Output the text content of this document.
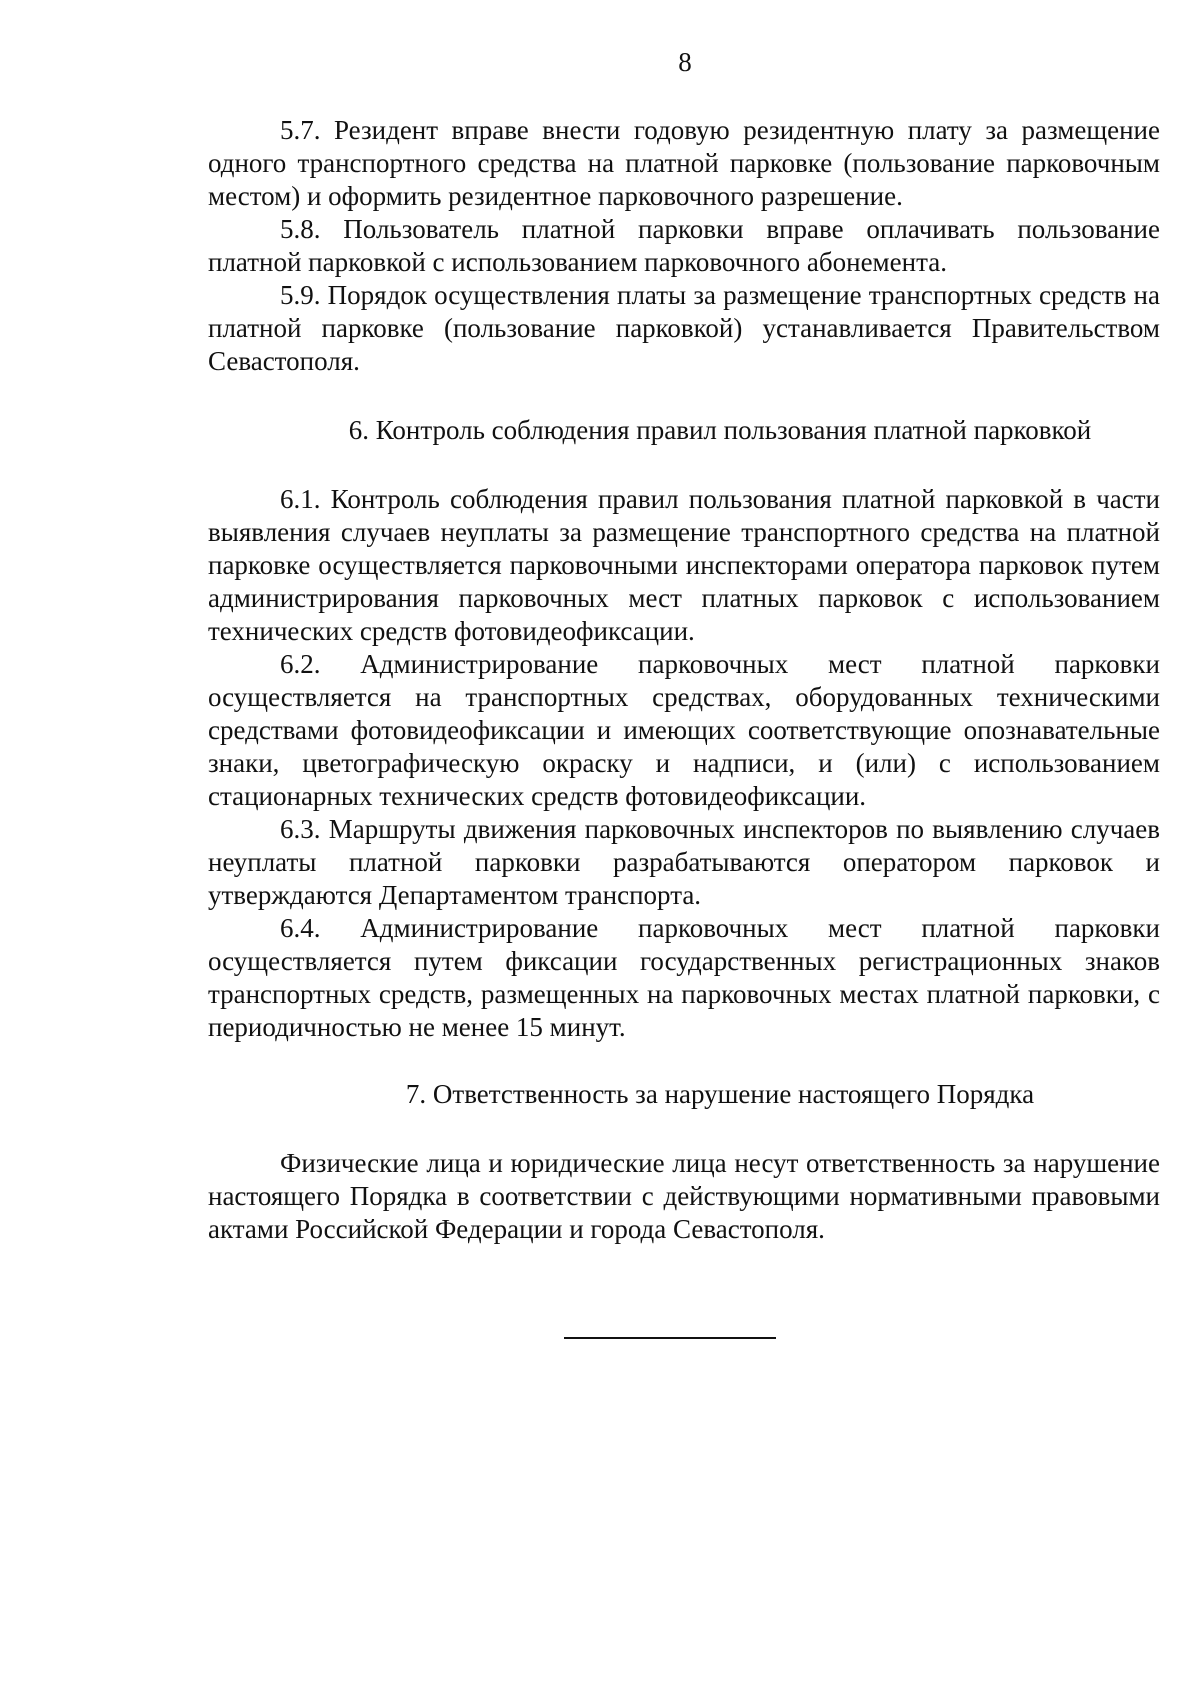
8

5.7. Резидент вправе внести годовую резидентную плату за размещение одного транспортного средства на платной парковке (пользование парковочным местом) и оформить резидентное парковочного разрешение.

5.8. Пользователь платной парковки вправе оплачивать пользование платной парковкой с использованием парковочного абонемента.

5.9. Порядок осуществления платы за размещение транспортных средств на платной парковке (пользование парковкой) устанавливается Правительством Севастополя.

6. Контроль соблюдения правил пользования платной парковкой

6.1. Контроль соблюдения правил пользования платной парковкой в части выявления случаев неуплаты за размещение транспортного средства на платной парковке осуществляется парковочными инспекторами оператора парковок путем администрирования парковочных мест платных парковок с использованием технических средств фотовидеофиксации.

6.2. Администрирование парковочных мест платной парковки осуществляется на транспортных средствах, оборудованных техническими средствами фотовидеофиксации и имеющих соответствующие опознавательные знаки, цветографическую окраску и надписи, и (или) с использованием стационарных технических средств фотовидеофиксации.

6.3. Маршруты движения парковочных инспекторов по выявлению случаев неуплаты платной парковки разрабатываются оператором парковок и утверждаются Департаментом транспорта.

6.4. Администрирование парковочных мест платной парковки осуществляется путем фиксации государственных регистрационных знаков транспортных средств, размещенных на парковочных местах платной парковки, с периодичностью не менее 15 минут.

7. Ответственность за нарушение настоящего Порядка

Физические лица и юридические лица несут ответственность за нарушение настоящего Порядка в соответствии с действующими нормативными правовыми актами Российской Федерации и города Севастополя.
